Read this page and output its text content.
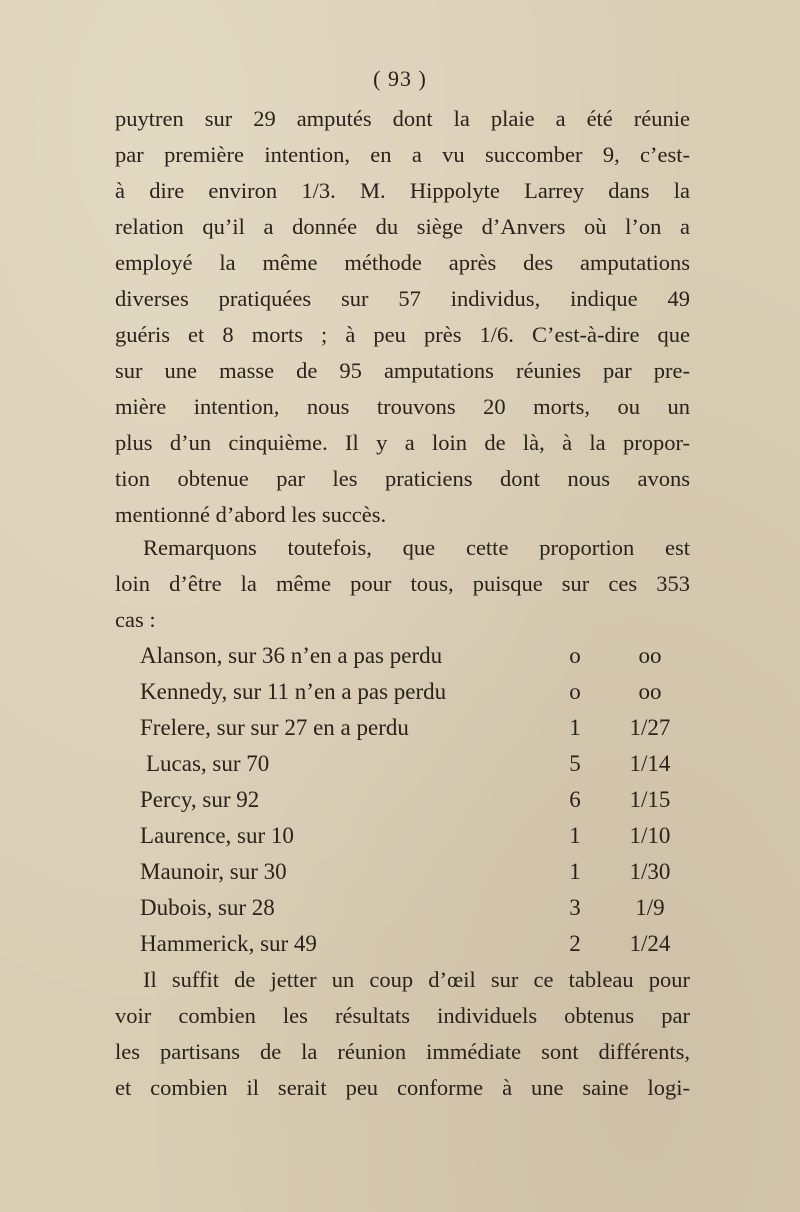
( 93 )
puytren sur 29 amputés dont la plaie a été réunie
par première intention, en a vu succomber 9, c’est-
à dire environ 1/3. M. Hippolyte Larrey dans la
relation qu’il a donnée du siège d’Anvers où l’on a
employé la même méthode après des amputations
diverses pratiquées sur 57 individus, indique 49
guéris et 8 morts ; à peu près 1/6. C’est-à-dire que
sur une masse de 95 amputations réunies par pre-
mière intention, nous trouvons 20 morts, ou un
plus d’un cinquième. Il y a loin de là, à la propor-
tion obtenue par les praticiens dont nous avons
mentionné d’abord les succès.
Remarquons toutefois, que cette proportion est
loin d’être la même pour tous, puisque sur ces 353
cas :
Alanson, sur 36 n’en a pas perdu	o	oo
Kennedy, sur 11 n’en a pas perdu	o	oo
Frelere, sur sur 27 en a perdu	1	1/27
Lucas, sur 70	5	1/14
Percy, sur 92	6	1/15
Laurence, sur 10	1	1/10
Maunoir, sur 30	1	1/30
Dubois, sur 28	3	1/9
Hammerick, sur 49	2	1/24
Il suffit de jetter un coup d’œil sur ce tableau pour
voir combien les résultats individuels obtenus par
les partisans de la réunion immédiate sont différents,
et combien il serait peu conforme à une saine logi-
